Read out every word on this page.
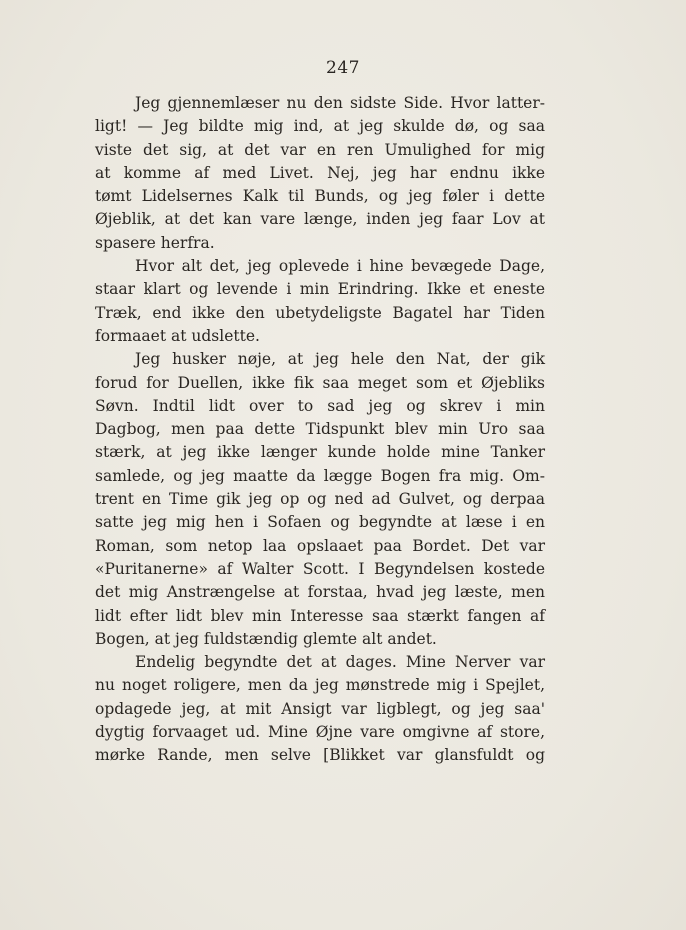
247
Jeg gjennemlæser nu den sidste Side. Hvor latter-
ligt! — Jeg bildte mig ind, at jeg skulde dø, og saa
viste det sig, at det var en ren Umulighed for mig
at komme af med Livet. Nej, jeg har endnu ikke
tømt Lidelsernes Kalk til Bunds, og jeg føler i dette
Øjeblik, at det kan vare længe, inden jeg faar Lov at
spasere herfra.
Hvor alt det, jeg oplevede i hine bevægede Dage,
staar klart og levende i min Erindring. Ikke et eneste
Træk, end ikke den ubetydeligste Bagatel har Tiden
formaaet at udslette.
Jeg husker nøje, at jeg hele den Nat, der gik
forud for Duellen, ikke fik saa meget som et Øjebliks
Søvn. Indtil lidt over to sad jeg og skrev i min
Dagbog, men paa dette Tidspunkt blev min Uro saa
stærk, at jeg ikke længer kunde holde mine Tanker
samlede, og jeg maatte da lægge Bogen fra mig. Om-
trent en Time gik jeg op og ned ad Gulvet, og derpaa
satte jeg mig hen i Sofaen og begyndte at læse i en
Roman, som netop laa opslaaet paa Bordet. Det var
«Puritanerne» af Walter Scott. I Begyndelsen kostede
det mig Anstrængelse at forstaa, hvad jeg læste, men
lidt efter lidt blev min Interesse saa stærkt fangen af
Bogen, at jeg fuldstændig glemte alt andet.
Endelig begyndte det at dages. Mine Nerver var
nu noget roligere, men da jeg mønstrede mig i Spejlet,
opdagede jeg, at mit Ansigt var ligblegt, og jeg saa'
dygtig forvaaget ud. Mine Øjne vare omgivne af store,
mørke Rande, men selve [Blikket var glansfuldt og
